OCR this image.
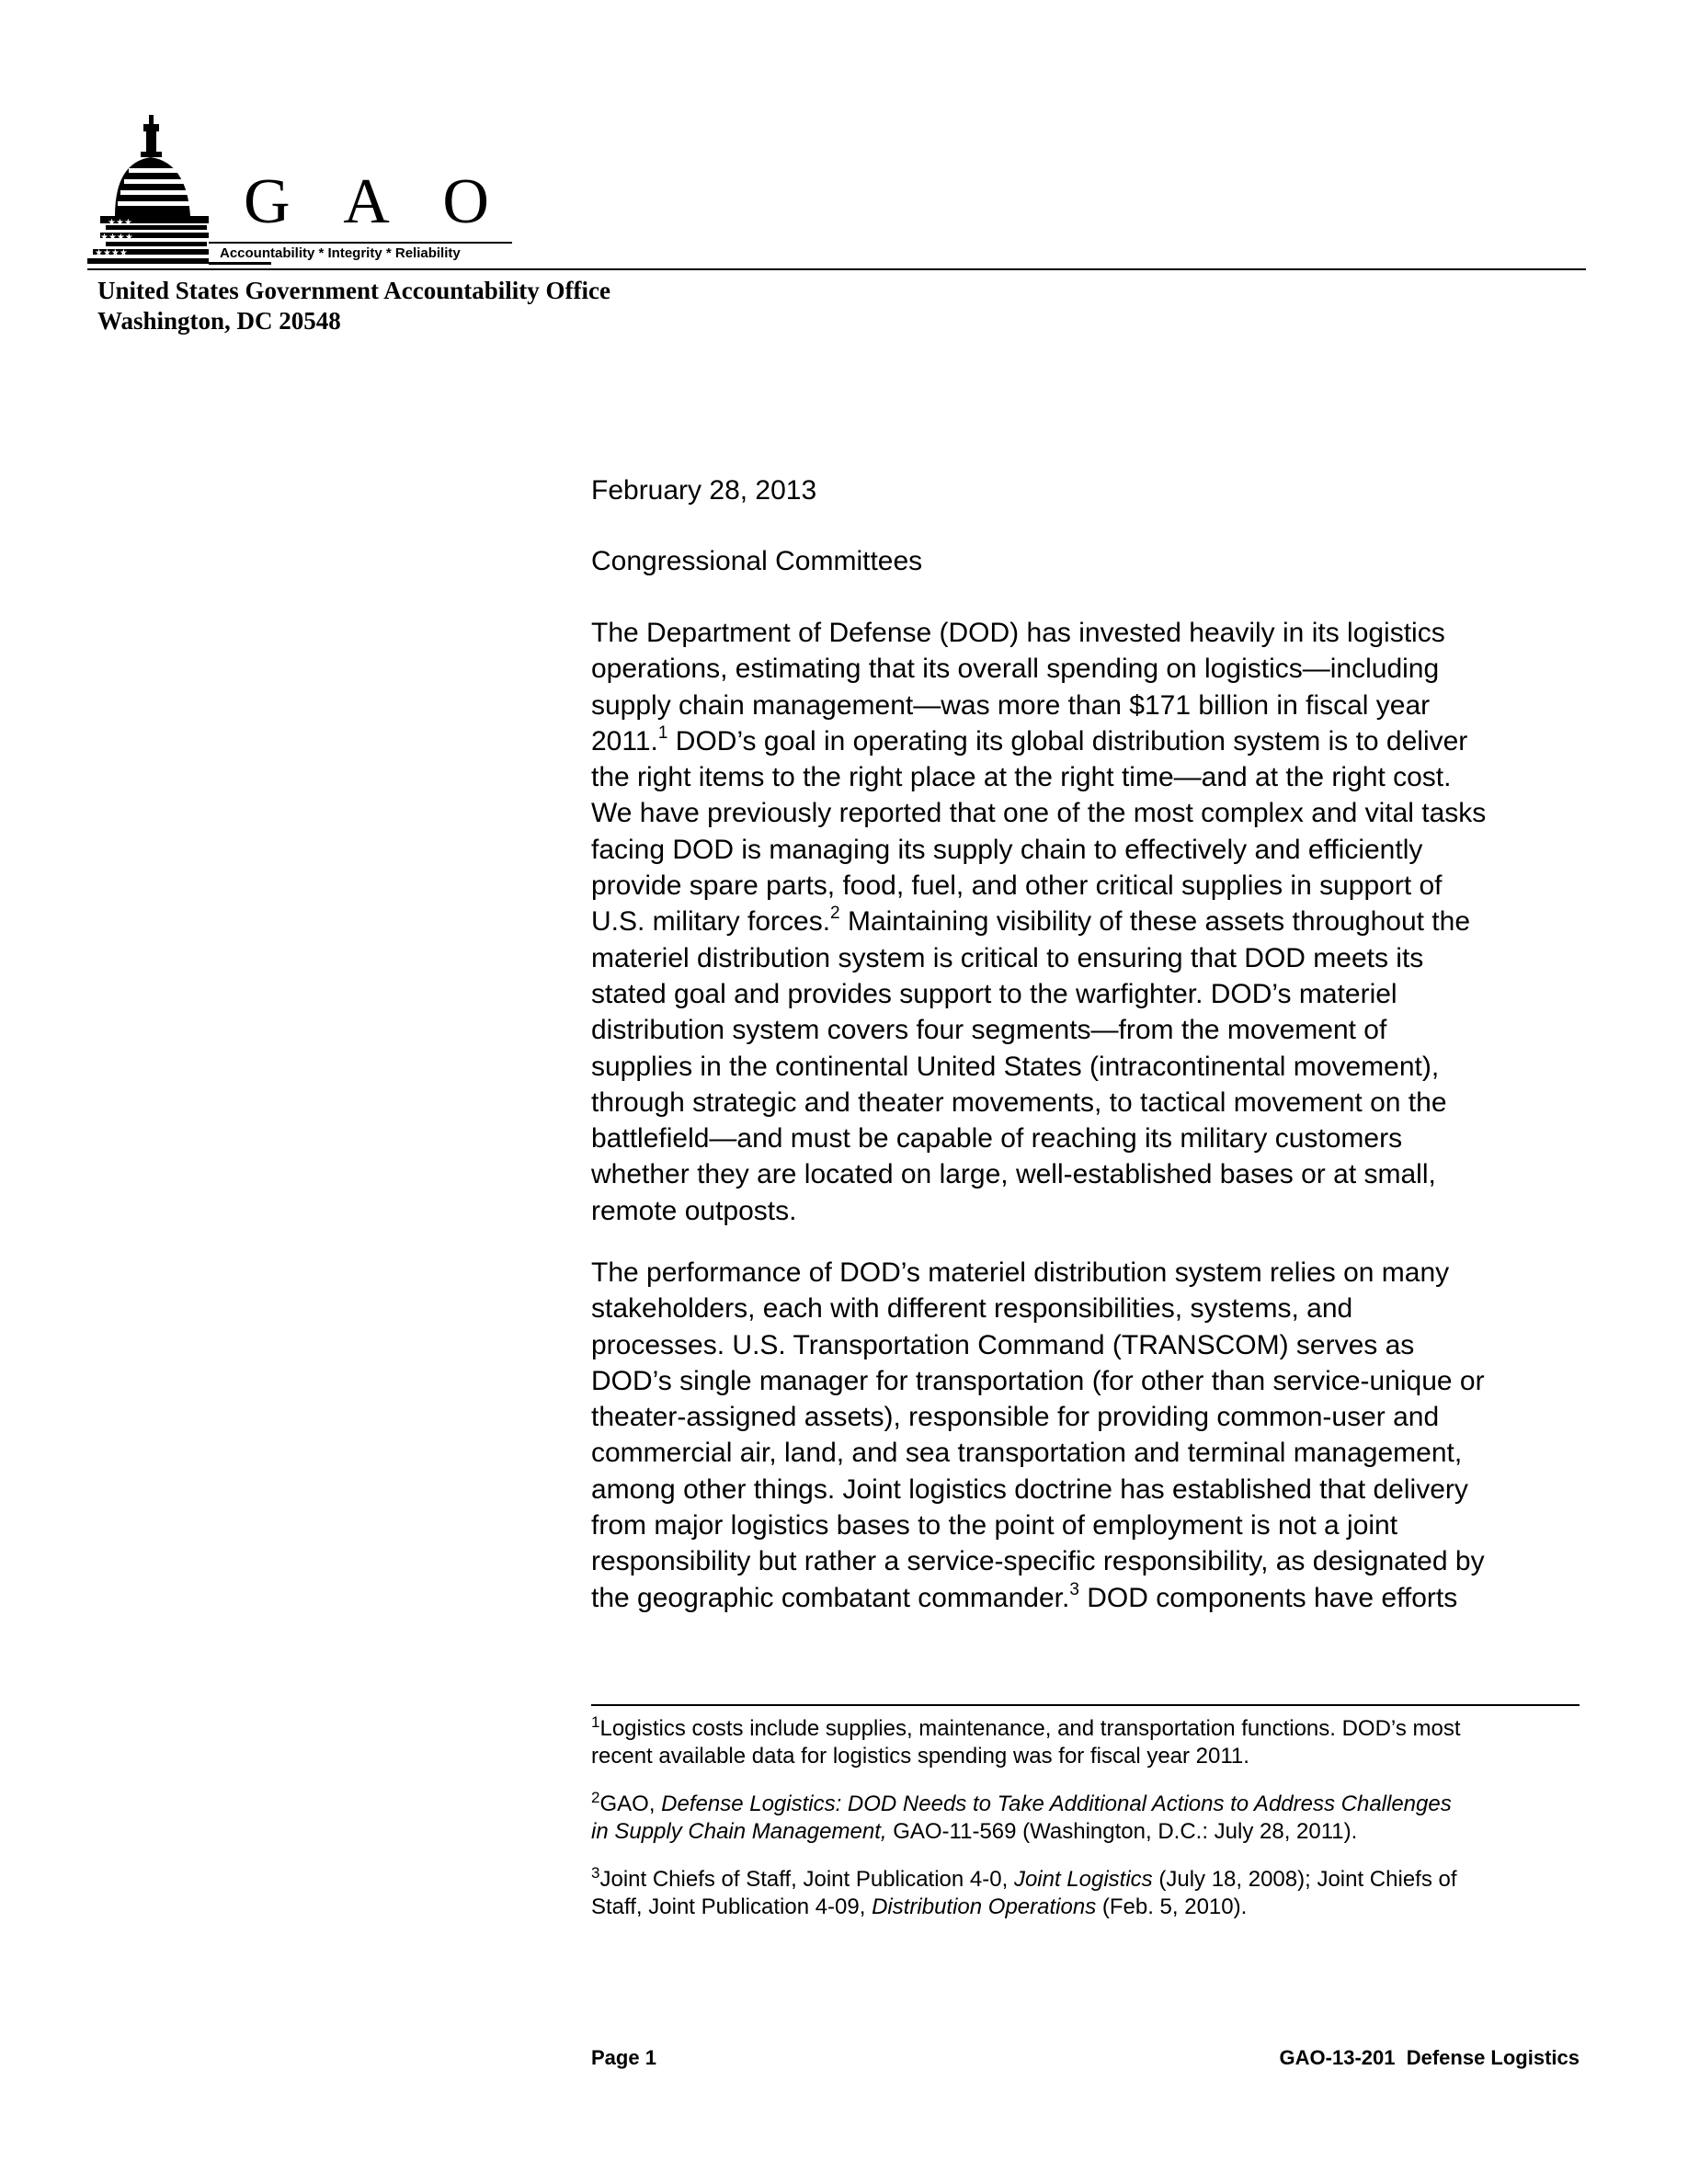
★★★
★★★★
★★★★
G A O
Accountability * Integrity * Reliability
United States Government Accountability Office
Washington, DC 20548
February 28, 2013
Congressional Committees
The Department of Defense (DOD) has invested heavily in its logistics
operations, estimating that its overall spending on logistics—including
supply chain management—was more than $171 billion in fiscal year
2011.$^1$ DOD’s goal in operating its global distribution system is to deliver
the right items to the right place at the right time—and at the right cost.
We have previously reported that one of the most complex and vital tasks
facing DOD is managing its supply chain to effectively and efficiently
provide spare parts, food, fuel, and other critical supplies in support of
U.S. military forces.$^2$ Maintaining visibility of these assets throughout the
materiel distribution system is critical to ensuring that DOD meets its
stated goal and provides support to the warfighter. DOD’s materiel
distribution system covers four segments—from the movement of
supplies in the continental United States (intracontinental movement),
through strategic and theater movements, to tactical movement on the
battlefield—and must be capable of reaching its military customers
whether they are located on large, well-established bases or at small,
remote outposts.
The performance of DOD’s materiel distribution system relies on many
stakeholders, each with different responsibilities, systems, and
processes. U.S. Transportation Command (TRANSCOM) serves as
DOD’s single manager for transportation (for other than service-unique or
theater-assigned assets), responsible for providing common-user and
commercial air, land, and sea transportation and terminal management,
among other things. Joint logistics doctrine has established that delivery
from major logistics bases to the point of employment is not a joint
responsibility but rather a service-specific responsibility, as designated by
the geographic combatant commander.$^3$ DOD components have efforts
$^1$Logistics costs include supplies, maintenance, and transportation functions. DOD’s most
recent available data for logistics spending was for fiscal year 2011.
$^2$GAO, Defense Logistics: DOD Needs to Take Additional Actions to Address Challenges
in Supply Chain Management, GAO-11-569 (Washington, D.C.: July 28, 2011).
$^3$Joint Chiefs of Staff, Joint Publication 4-0, Joint Logistics (July 18, 2008); Joint Chiefs of
Staff, Joint Publication 4-09, Distribution Operations (Feb. 5, 2010).
Page 1	GAO-13-201  Defense Logistics
